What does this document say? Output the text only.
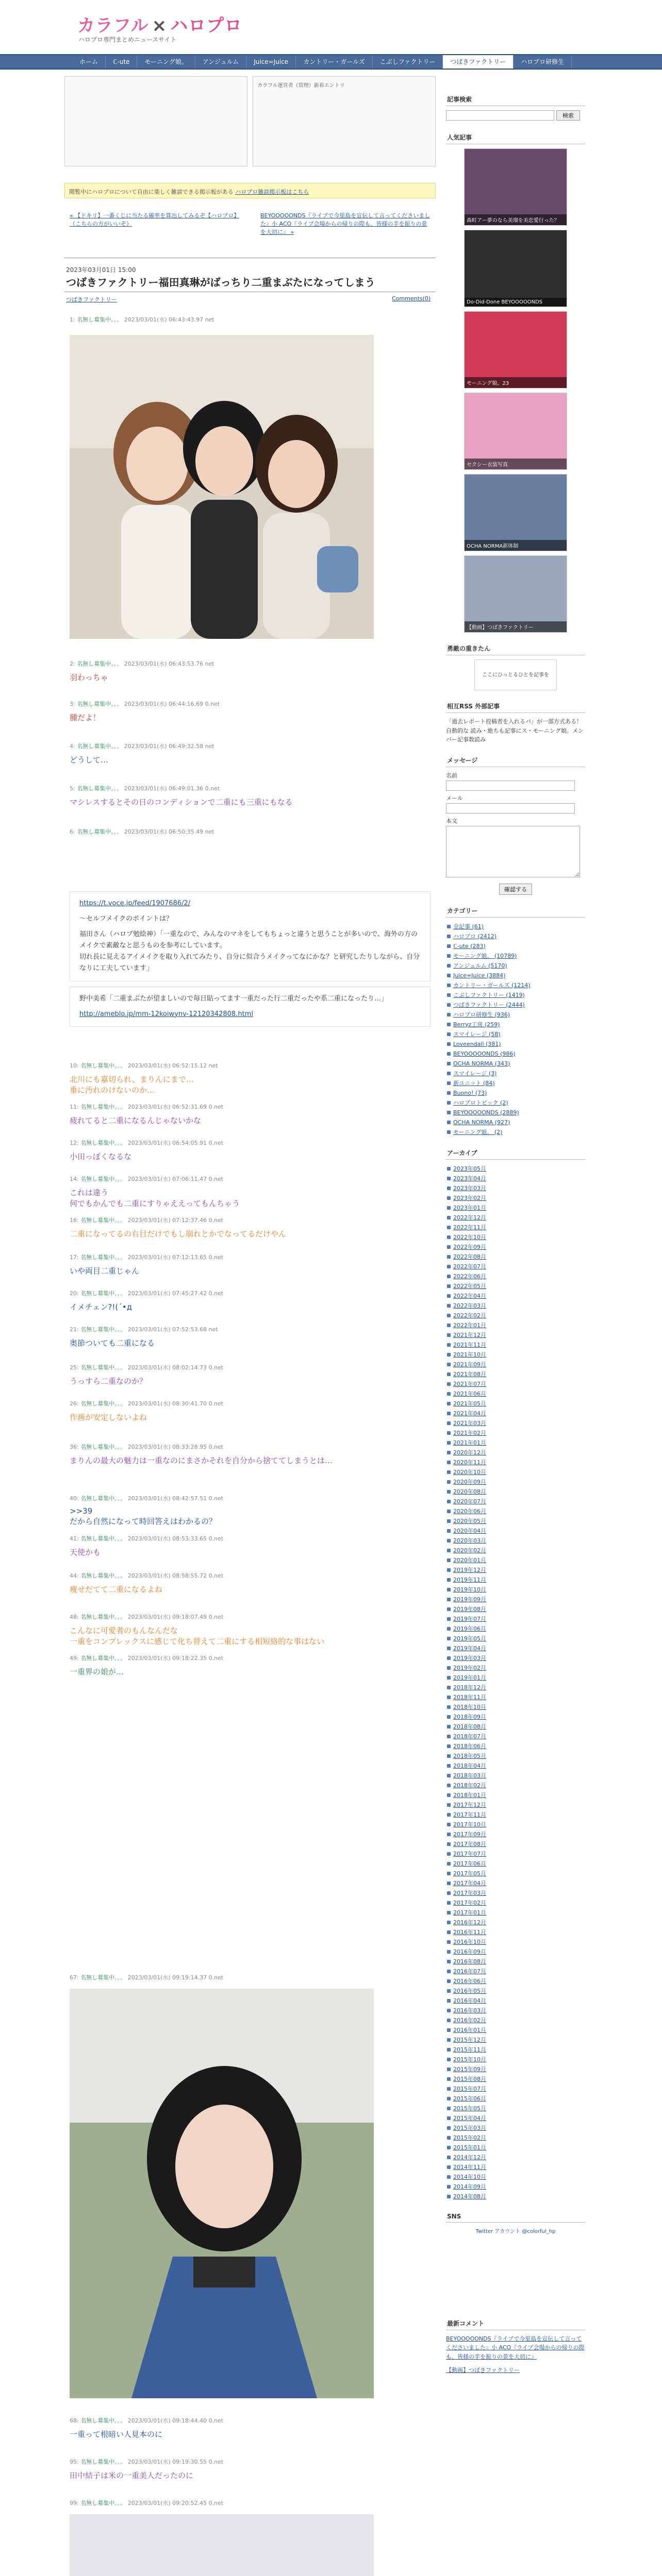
カラフル × ハロプロ
ハロプロ専門まとめニュースサイト
ホーム	ℂ-ute	モーニング娘。	アンジュルム	Juice=Juice	カントリー・ガールズ	こぶしファクトリー	つばきファクトリー	ハロプロ研修生
カラフル運営者（管理）新着エントリ
閲覧中にハロプロについて自由に楽しく雑談できる掲示板がある ハロプロ雑談掲示板はこちら
« 【ドキリ】一番くじに当たる確率を算出してみるぞ【ハロプロ】（こちらの方がいいぞ）
BEYOOOOONDS『ライブで今里島を宣伝して言ってくださいました』小 ACO『ライブ会場からの帰りの際も、皆様の手を振りの景を大切に』 »
2023年03月01日 15:00
つばきファクトリー福田真琳がばっちり二重まぶたになってしまう
つばきファクトリー	Comments(0)
1: 名無し募集中。。。 2023/03/01(水) 06:43:43.97 net
2: 名無し募集中。。。 2023/03/01(水) 06:43:53.76 net
羽わっちゃ
3: 名無し募集中。。。 2023/03/01(水) 06:44:16.69 0.net
腫だよ！
4: 名無し募集中。。。 2023/03/01(水) 06:49:32.58 net
どうして…
5: 名無し募集中。。。 2023/03/01(水) 06:49:01.36 0.net
マシレスするとその日のコンディションで二重にも三重にもなる
6: 名無し募集中。。。 2023/03/01(水) 06:50:35.49 net
10: 名無し募集中。。。 2023/03/01(水) 06:52:15.12 net
北川にも嘉切られ、まりんにまで…
垂に汚れのけないのか…
11: 名無し募集中。。。 2023/03/01(水) 06:52:31.69 0.net
疲れてると二重になるんじゃないかな
12: 名無し募集中。。。 2023/03/01(水) 06:54:05.91 0.net
小田っぽくなるな
14: 名無し募集中。。。 2023/03/01(水) 07:06:11.47 0.net
これは違う
何でもかんでも二重にすりゃええってもんちゃう
16: 名無し募集中。。。 2023/03/01(水) 07:12:37.46 0.net
二重になってるの右目だけでもし崩れとかでなってるだけやん
17: 名無し募集中。。。 2023/03/01(水) 07:12:13.65 0.net
いや両目二重じゃん
20: 名無し募集中。。。 2023/03/01(水) 07:45:27.42 0.net
イメチェン?!(´•д
21: 名無し募集中。。。 2023/03/01(水) 07:52:53.68 net
奥節ついても二重になる
25: 名無し募集中。。。 2023/03/01(水) 08:02:14.73 0.net
うっすら二重なのか？
26: 名無し募集中。。。 2023/03/01(水) 08:30:41.70 0.net
作画が安定しないよね
36: 名無し募集中。。。 2023/03/01(水) 08:33:28.95 0.net
まりんの最大の魅力は一重なのにまさかそれを自分から捨ててしまうとは…
40: 名無し募集中。。。 2023/03/01(水) 08:42:57.51 0.net
>>39
だから自然になって時回答えはわかるの？
41: 名無し募集中。。。 2023/03/01(水) 08:53:33.65 0.net
天使かも
44: 名無し募集中。。。 2023/03/01(水) 08:58:55.72 0.net
痩せだてて二重になるよね
48: 名無し募集中。。。 2023/03/01(水) 09:18:07.49 0.net
こんなに可愛者のもんなんだな
一重をコンプレックスに感じて化ち替えて二重にする相短絡的な事はない
49: 名無し募集中。。。 2023/03/01(水) 09:18:22.35 0.net
一重界の娘が…
67: 名無し募集中。。。 2023/03/01(水) 09:19:14.37 0.net
68: 名無し募集中。。。 2023/03/01(水) 09:18:44.40 0.net
一重って根暗い人見本のに
95: 名無し募集中。。。 2023/03/01(水) 09:19:30.55 0.net
田中結子は米の一重美人だったのに
99: 名無し募集中。。。 2023/03/01(水) 09:20:52.45 0.net
https://t.voce.jp/feed/1907686/2/

〜セルフメイクのポイントは？

福田さん（ハロプ勉絵神）「一重なので、みんなのマネをしてもちょっと違うと思うことが多いので、海外の方のメイクで素敵なと思うものを参考にしています。
切れ長に見えるアイメイクを取り入れてみたり、自分に似合うメイクってなにかな？と研究したりしながら、自分なりに工夫しています」

野中美希「二重まぶたが望ましいので毎日貼ってます一重だった行二重だったや系二重になったり…」

http://ameblo.jp/mm-12koiwynv-12120342808.html
記事検索
検索
人気記事
森町アー夢のなら美瑠を美恋愛行った？
Do-Did-Done BEYOOOOONDS
モーニング娘。23
セクシー衣装写真
OCHA NORMA新体制
【動画】つばきファクトリー
勇敵の重きたん
ここにひっとるひとを記事を
相互RSS 外部記事

「過去レポート投稿者を入れるパ」が一部方式ある！自動的な 読み・絶ちも記事にス・モーニング娘。メンバー記事数読み

メッセージ
名前
メール
本文
確認する
カテゴリー
全記事 (61)
ハロプロ (2412)
ℂ-ute (283)
モーニング娘。 (10789)
アンジュルム (5170)
Juice=Juice (3884)
カントリー・ガールズ (1214)
こぶしファクトリー (1419)
つばきファクトリー (2444)
ハロプロ研修生 (936)
Berryz工房 (259)
スマイレージ (58)
Loveendall (381)
BEYOOOOONDS (986)
OCHA NORMA (343)
スマイレージ (3)
新ユニット (84)
Buono! (73)
ハロプロトピック (2)
BEYOOOOONDS (2889)
OCHA NORMA (927)
モーニング娘。 (2)
アーカイブ
2023年05月
2023年04月
2023年03月
2023年02月
2023年01月
2022年12月
2022年11月
2022年10月
2022年09月
2022年08月
2022年07月
2022年06月
2022年05月
2022年04月
2022年03月
2022年02月
2022年01月
2021年12月
2021年11月
2021年10月
2021年09月
2021年08月
2021年07月
2021年06月
2021年05月
2021年04月
2021年03月
2021年02月
2021年01月
2020年12月
2020年11月
2020年10月
2020年09月
2020年08月
2020年07月
2020年06月
2020年05月
2020年04月
2020年03月
2020年02月
2020年01月
2019年12月
2019年11月
2019年10月
2019年09月
2019年08月
2019年07月
2019年06月
2019年05月
2019年04月
2019年03月
2019年02月
2019年01月
2018年12月
2018年11月
2018年10月
2018年09月
2018年08月
2018年07月
2018年06月
2018年05月
2018年04月
2018年03月
2018年02月
2018年01月
2017年12月
2017年11月
2017年10月
2017年09月
2017年08月
2017年07月
2017年06月
2017年05月
2017年04月
2017年03月
2017年02月
2017年01月
2016年12月
2016年11月
2016年10月
2016年09月
2016年08月
2016年07月
2016年06月
2016年05月
2016年04月
2016年03月
2016年02月
2016年01月
2015年12月
2015年11月
2015年10月
2015年09月
2015年08月
2015年07月
2015年06月
2015年05月
2015年04月
2015年03月
2015年02月
2015年01月
2014年12月
2014年11月
2014年10月
2014年09月
2014年08月
SNS
Twitter アカウント @colorful_hp
最新コメント

BEYOOOOONDS『ライブで今里島を宣伝して言ってくださいました』小 ACO『ライブ会場からの帰りの際も、皆様の手を振りの景を大切に』

【動画】つばきファクトリー
